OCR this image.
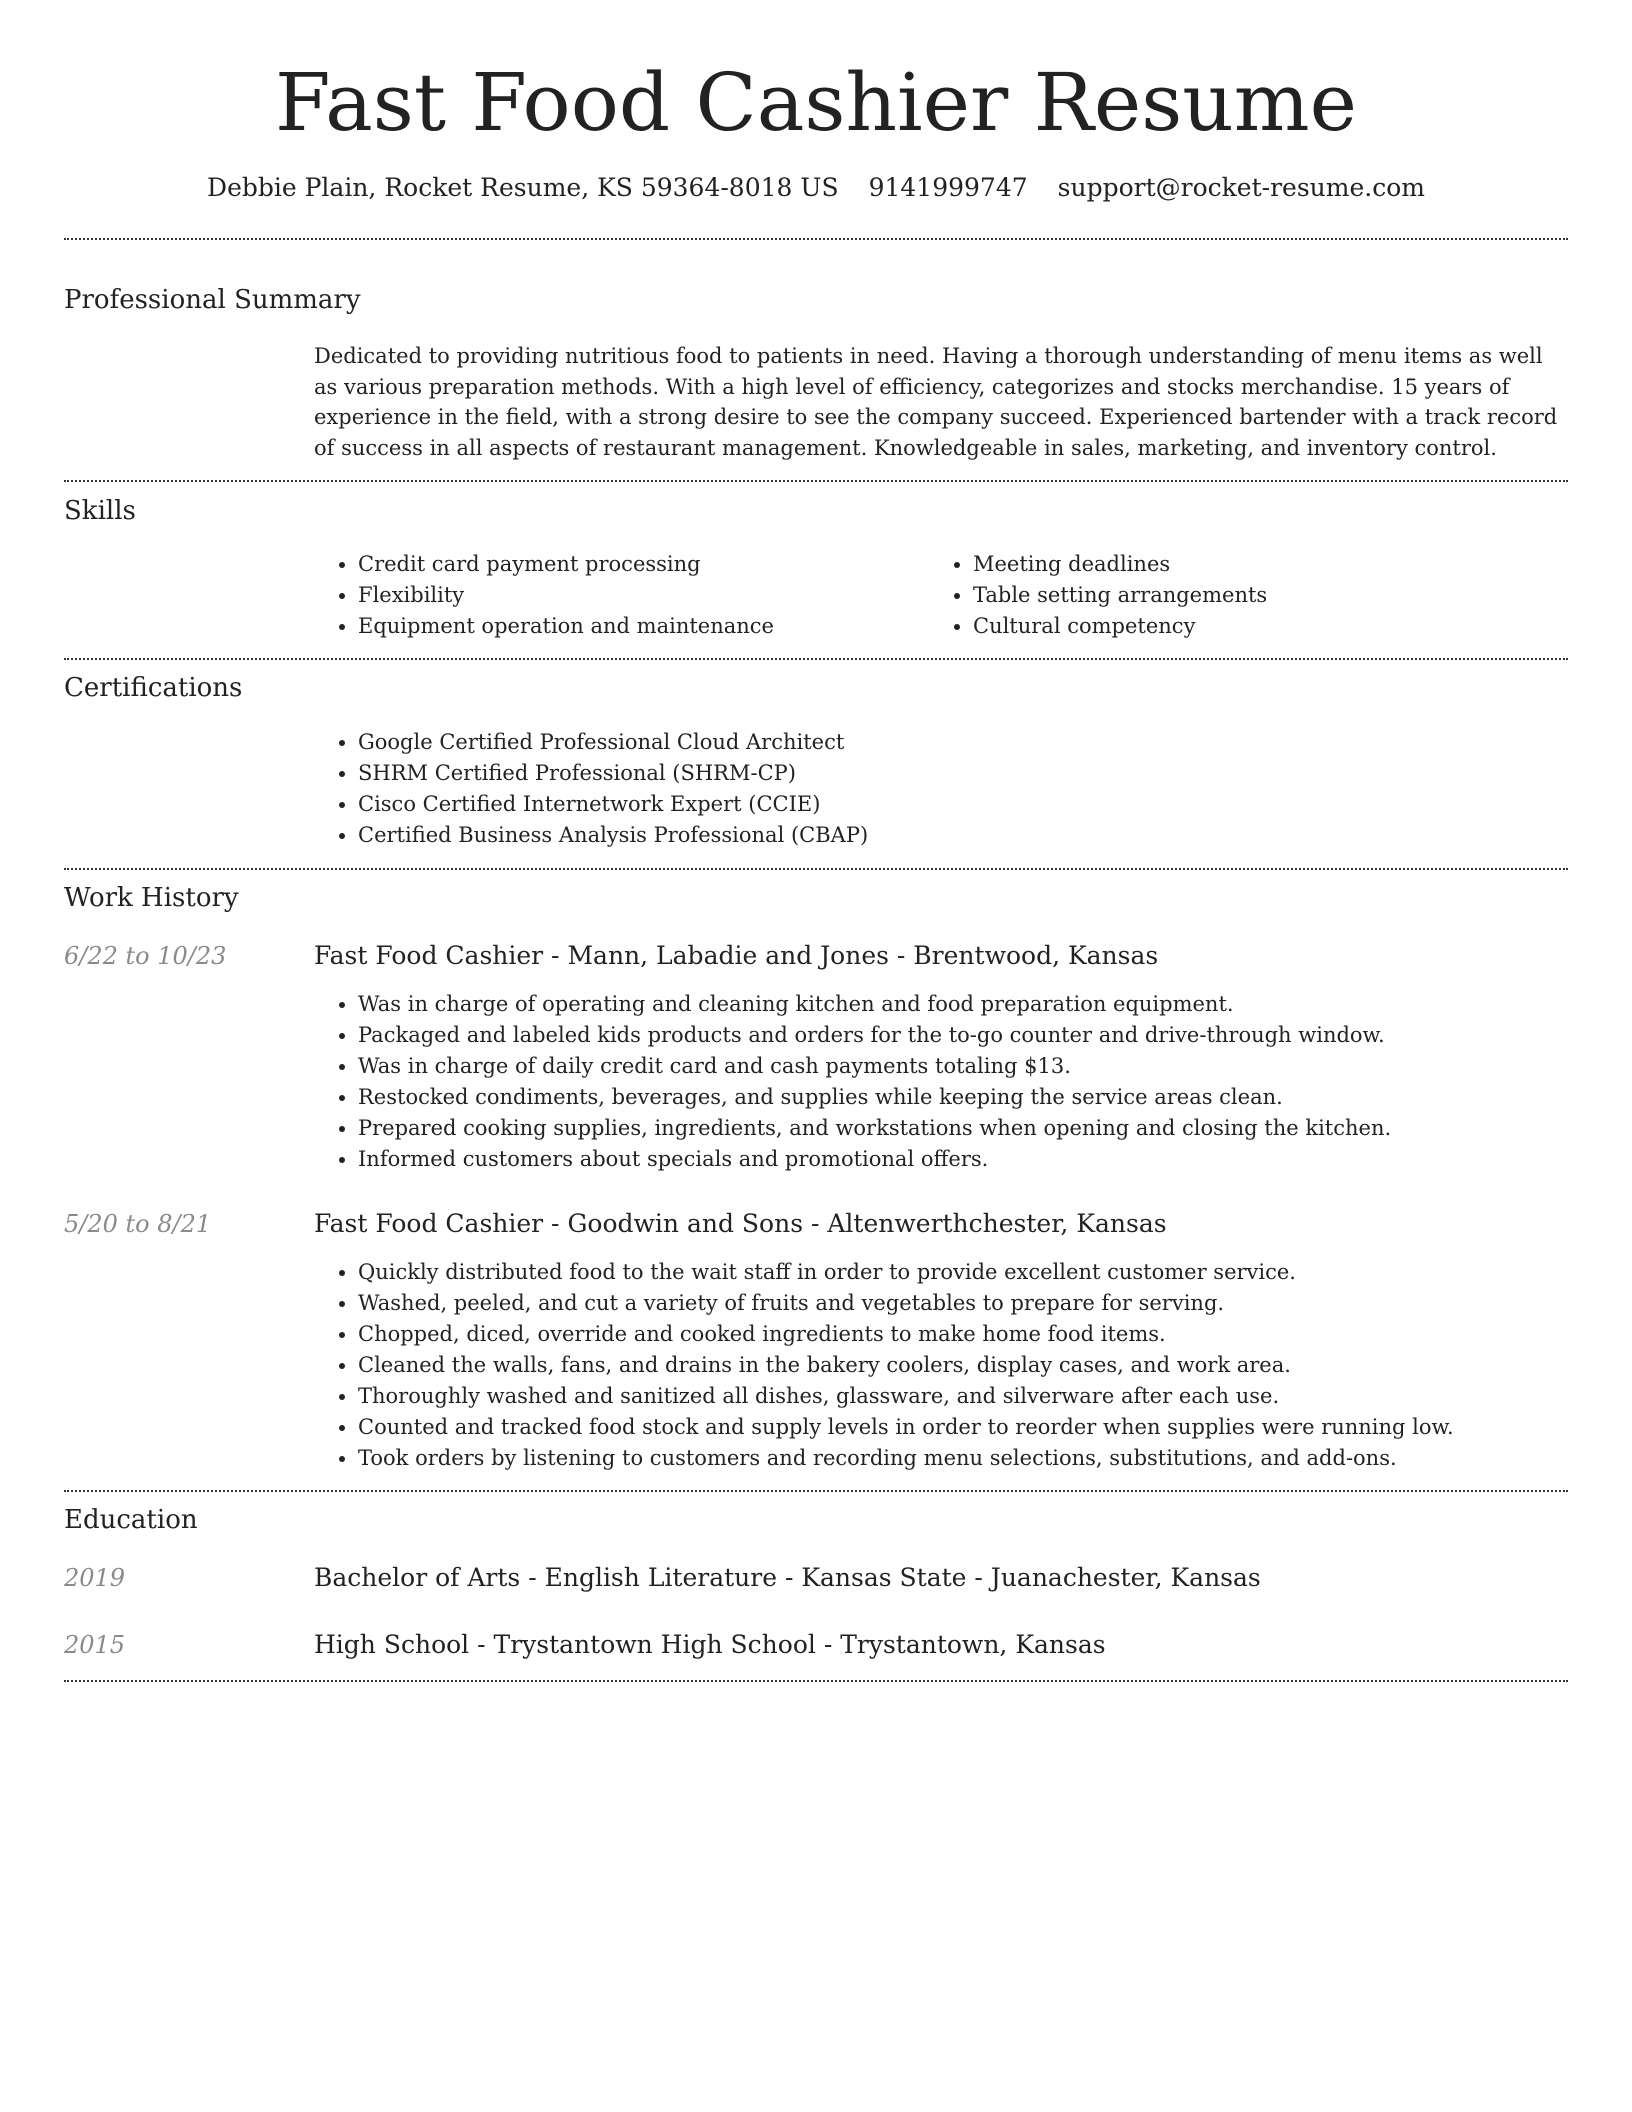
Fast Food Cashier Resume
Debbie Plain, Rocket Resume, KS 59364-8018 US 9141999747 support@rocket-resume.com
Professional Summary
Dedicated to providing nutritious food to patients in need. Having a thorough understanding of menu items as well as various preparation methods. With a high level of efficiency, categorizes and stocks merchandise. 15 years of experience in the field, with a strong desire to see the company succeed. Experienced bartender with a track record of success in all aspects of restaurant management. Knowledgeable in sales, marketing, and inventory control.
Skills
• Credit card payment processing
• Flexibility
• Equipment operation and maintenance
• Meeting deadlines
• Table setting arrangements
• Cultural competency
Certifications
• Google Certified Professional Cloud Architect
• SHRM Certified Professional (SHRM-CP)
• Cisco Certified Internetwork Expert (CCIE)
• Certified Business Analysis Professional (CBAP)
Work History
6/22 to 10/23	Fast Food Cashier - Mann, Labadie and Jones - Brentwood, Kansas
• Was in charge of operating and cleaning kitchen and food preparation equipment.
• Packaged and labeled kids products and orders for the to-go counter and drive-through window.
• Was in charge of daily credit card and cash payments totaling $13.
• Restocked condiments, beverages, and supplies while keeping the service areas clean.
• Prepared cooking supplies, ingredients, and workstations when opening and closing the kitchen.
• Informed customers about specials and promotional offers.
5/20 to 8/21	Fast Food Cashier - Goodwin and Sons - Altenwerthchester, Kansas
• Quickly distributed food to the wait staff in order to provide excellent customer service.
• Washed, peeled, and cut a variety of fruits and vegetables to prepare for serving.
• Chopped, diced, override and cooked ingredients to make home food items.
• Cleaned the walls, fans, and drains in the bakery coolers, display cases, and work area.
• Thoroughly washed and sanitized all dishes, glassware, and silverware after each use.
• Counted and tracked food stock and supply levels in order to reorder when supplies were running low.
• Took orders by listening to customers and recording menu selections, substitutions, and add-ons.
Education
2019	Bachelor of Arts - English Literature - Kansas State - Juanachester, Kansas
2015	High School - Trystantown High School - Trystantown, Kansas
